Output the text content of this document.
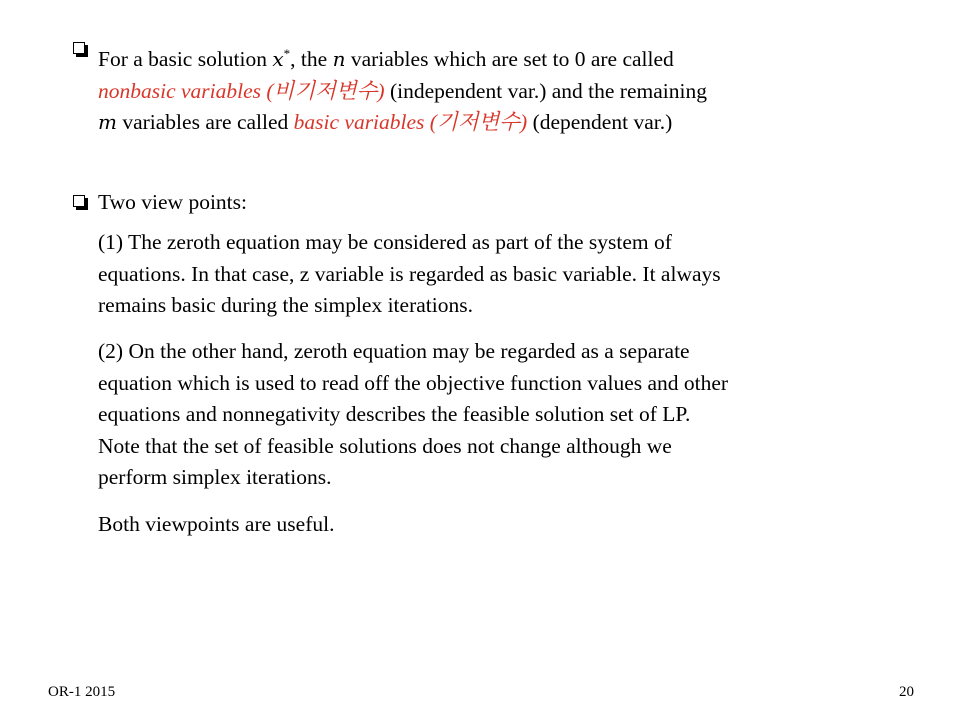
For a basic solution x*, the n variables which are set to 0 are called
nonbasic variables (비기저변수) (independent var.) and the remaining
m variables are called basic variables (기저변수) (dependent var.)
Two view points:
(1) The zeroth equation may be considered as part of the system of
equations. In that case, z variable is regarded as basic variable. It always
remains basic during the simplex iterations.
(2) On the other hand, zeroth equation may be regarded as a separate
equation which is used to read off the objective function values and other
equations and nonnegativity describes the feasible solution set of LP.
Note that the set of feasible solutions does not change although we
perform simplex iterations.
Both viewpoints are useful.
OR-1 2015	20
